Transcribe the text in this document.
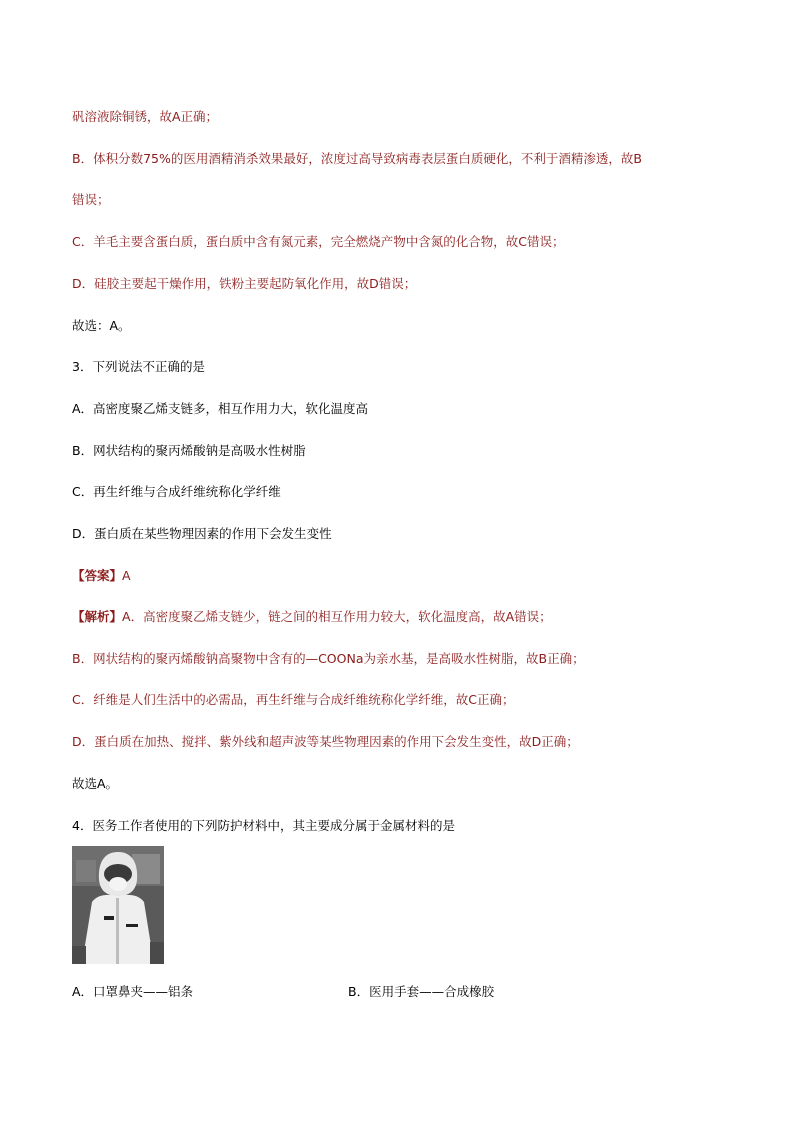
矾溶液除铜锈，故A正确；
B．体积分数75%的医用酒精消杀效果最好，浓度过高导致病毒表层蛋白质硬化，不利于酒精渗透，故B
错误；
C．羊毛主要含蛋白质，蛋白质中含有氮元素，完全燃烧产物中含氮的化合物，故C错误；
D．硅胶主要起干燥作用，铁粉主要起防氧化作用，故D错误；
故选：A。
3．下列说法不正确的是
A．高密度聚乙烯支链多，相互作用力大，软化温度高
B．网状结构的聚丙烯酸钠是高吸水性树脂
C．再生纤维与合成纤维统称化学纤维
D．蛋白质在某些物理因素的作用下会发生变性
【答案】A
【解析】A．高密度聚乙烯支链少，链之间的相互作用力较大，软化温度高，故A错误；
B．网状结构的聚丙烯酸钠高聚物中含有的—COONa为亲水基，是高吸水性树脂，故B正确；
C．纤维是人们生活中的必需品，再生纤维与合成纤维统称化学纤维，故C正确；
D．蛋白质在加热、搅拌、紫外线和超声波等某些物理因素的作用下会发生变性，故D正确；
故选A。
4．医务工作者使用的下列防护材料中，其主要成分属于金属材料的是
A．口罩鼻夹——铝条	B．医用手套——合成橡胶
